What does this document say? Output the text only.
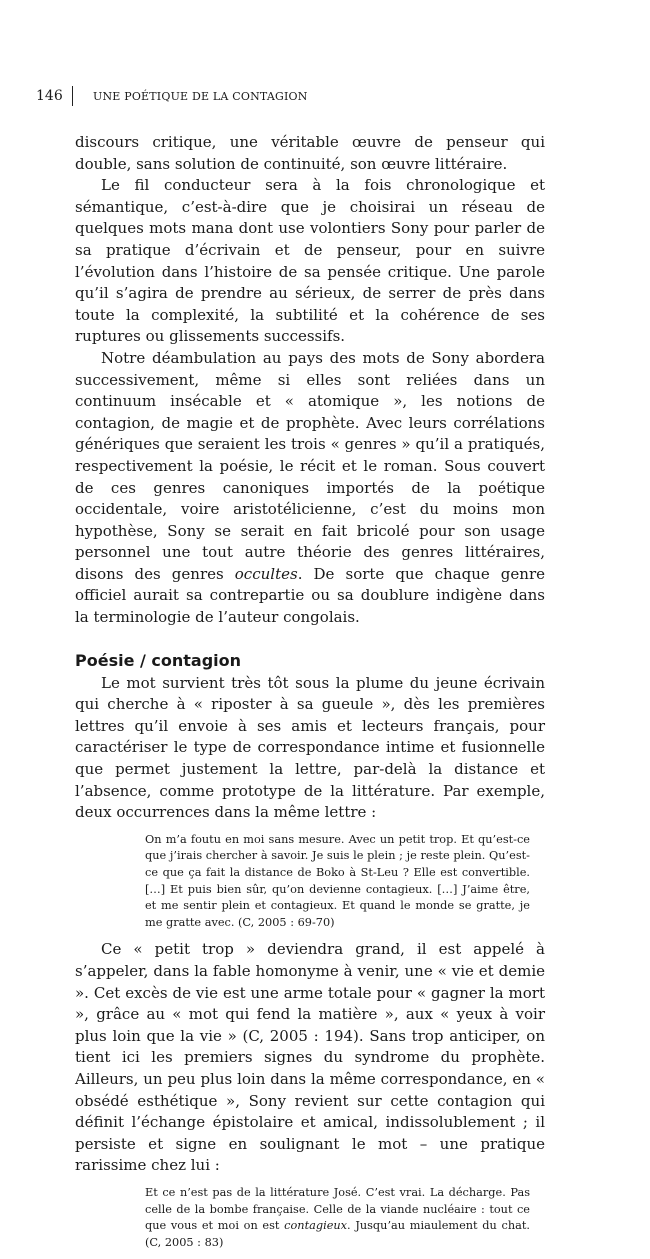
146	UNE POÉTIQUE DE LA CONTAGION

discours critique, une véritable œuvre de penseur qui double, sans solution de continuité, son œuvre littéraire.

Le fil conducteur sera à la fois chronologique et sémantique, c’est-à-dire que je choisirai un réseau de quelques mots mana dont use volontiers Sony pour parler de sa pratique d’écrivain et de penseur, pour en suivre l’évolution dans l’histoire de sa pensée critique. Une parole qu’il s’agira de prendre au sérieux, de serrer de près dans toute la complexité, la subtilité et la cohérence de ses ruptures ou glissements successifs.

Notre déambulation au pays des mots de Sony abordera successivement, même si elles sont reliées dans un continuum insécable et « atomique », les notions de contagion, de magie et de prophète. Avec leurs corrélations génériques que seraient les trois « genres » qu’il a pratiqués, respectivement la poésie, le récit et le roman. Sous couvert de ces genres canoniques importés de la poétique occidentale, voire aristotélicienne, c’est du moins mon hypothèse, Sony se serait en fait bricolé pour son usage personnel une tout autre théorie des genres littéraires, disons des genres occultes. De sorte que chaque genre officiel aurait sa contrepartie ou sa doublure indigène dans la terminologie de l’auteur congolais.

Poésie / contagion

Le mot survient très tôt sous la plume du jeune écrivain qui cherche à « riposter à sa gueule », dès les premières lettres qu’il envoie à ses amis et lecteurs français, pour caractériser le type de correspondance intime et fusionnelle que permet justement la lettre, par-delà la distance et l’absence, comme prototype de la littérature. Par exemple, deux occurrences dans la même lettre :

On m’a foutu en moi sans mesure. Avec un petit trop. Et qu’est-ce que j’irais chercher à savoir. Je suis le plein ; je reste plein. Qu’est-ce que ça fait la distance de Boko à St-Leu ? Elle est convertible. […] Et puis bien sûr, qu’on devienne contagieux. […] J’aime être, et me sentir plein et contagieux. Et quand le monde se gratte, je me gratte avec. (C, 2005 : 69-70)

Ce « petit trop » deviendra grand, il est appelé à s’appeler, dans la fable homonyme à venir, une « vie et demie ». Cet excès de vie est une arme totale pour « gagner la mort », grâce au « mot qui fend la matière », aux « yeux à voir plus loin que la vie » (C, 2005 : 194). Sans trop anticiper, on tient ici les premiers signes du syndrome du prophète. Ailleurs, un peu plus loin dans la même correspondance, en « obsédé esthétique », Sony revient sur cette contagion qui définit l’échange épistolaire et amical, indissolublement ; il persiste et signe en soulignant le mot – une pratique rarissime chez lui :

Et ce n’est pas de la littérature José. C’est vrai. La décharge. Pas celle de la bombe française. Celle de la viande nucléaire : tout ce que vous et moi on est contagieux. Jusqu’au miaulement du chat. (C, 2005 : 83)
